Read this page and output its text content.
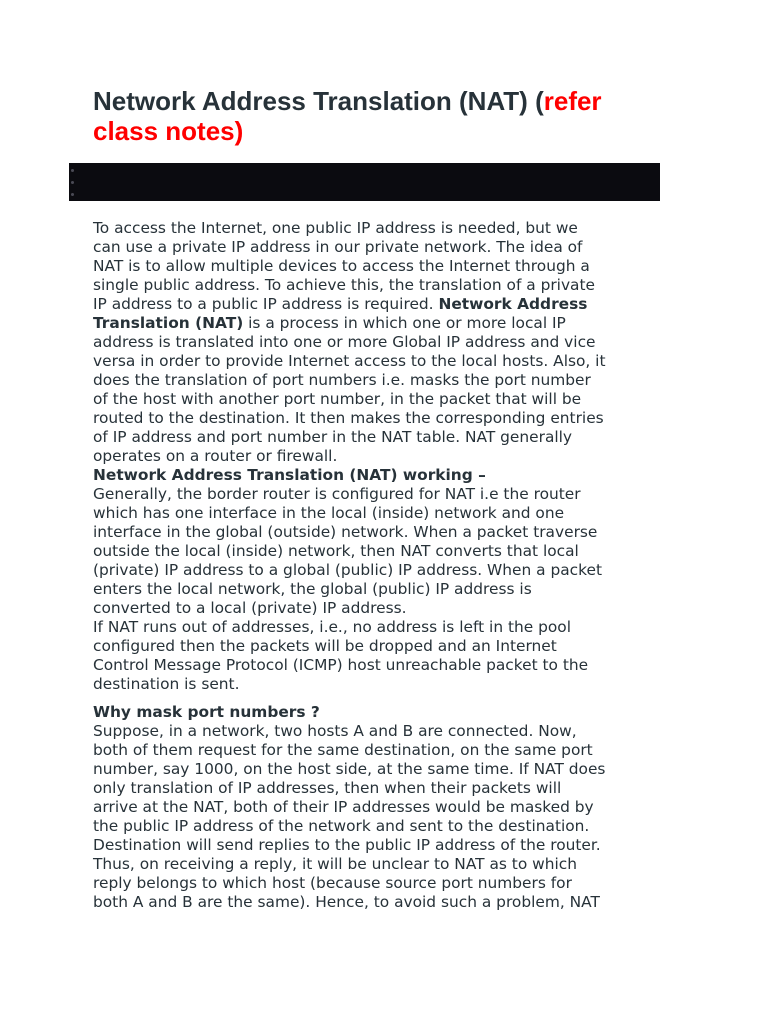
Network Address Translation (NAT) (refer
class notes)

To access the Internet, one public IP address is needed, but we
can use a private IP address in our private network. The idea of
NAT is to allow multiple devices to access the Internet through a
single public address. To achieve this, the translation of a private
IP address to a public IP address is required. Network Address
Translation (NAT) is a process in which one or more local IP
address is translated into one or more Global IP address and vice
versa in order to provide Internet access to the local hosts. Also, it
does the translation of port numbers i.e. masks the port number
of the host with another port number, in the packet that will be
routed to the destination. It then makes the corresponding entries
of IP address and port number in the NAT table. NAT generally
operates on a router or firewall.

Network Address Translation (NAT) working –
Generally, the border router is configured for NAT i.e the router
which has one interface in the local (inside) network and one
interface in the global (outside) network. When a packet traverse
outside the local (inside) network, then NAT converts that local
(private) IP address to a global (public) IP address. When a packet
enters the local network, the global (public) IP address is
converted to a local (private) IP address.
If NAT runs out of addresses, i.e., no address is left in the pool
configured then the packets will be dropped and an Internet
Control Message Protocol (ICMP) host unreachable packet to the
destination is sent.

Why mask port numbers ?
Suppose, in a network, two hosts A and B are connected. Now,
both of them request for the same destination, on the same port
number, say 1000, on the host side, at the same time. If NAT does
only translation of IP addresses, then when their packets will
arrive at the NAT, both of their IP addresses would be masked by
the public IP address of the network and sent to the destination.
Destination will send replies to the public IP address of the router.
Thus, on receiving a reply, it will be unclear to NAT as to which
reply belongs to which host (because source port numbers for
both A and B are the same). Hence, to avoid such a problem, NAT
